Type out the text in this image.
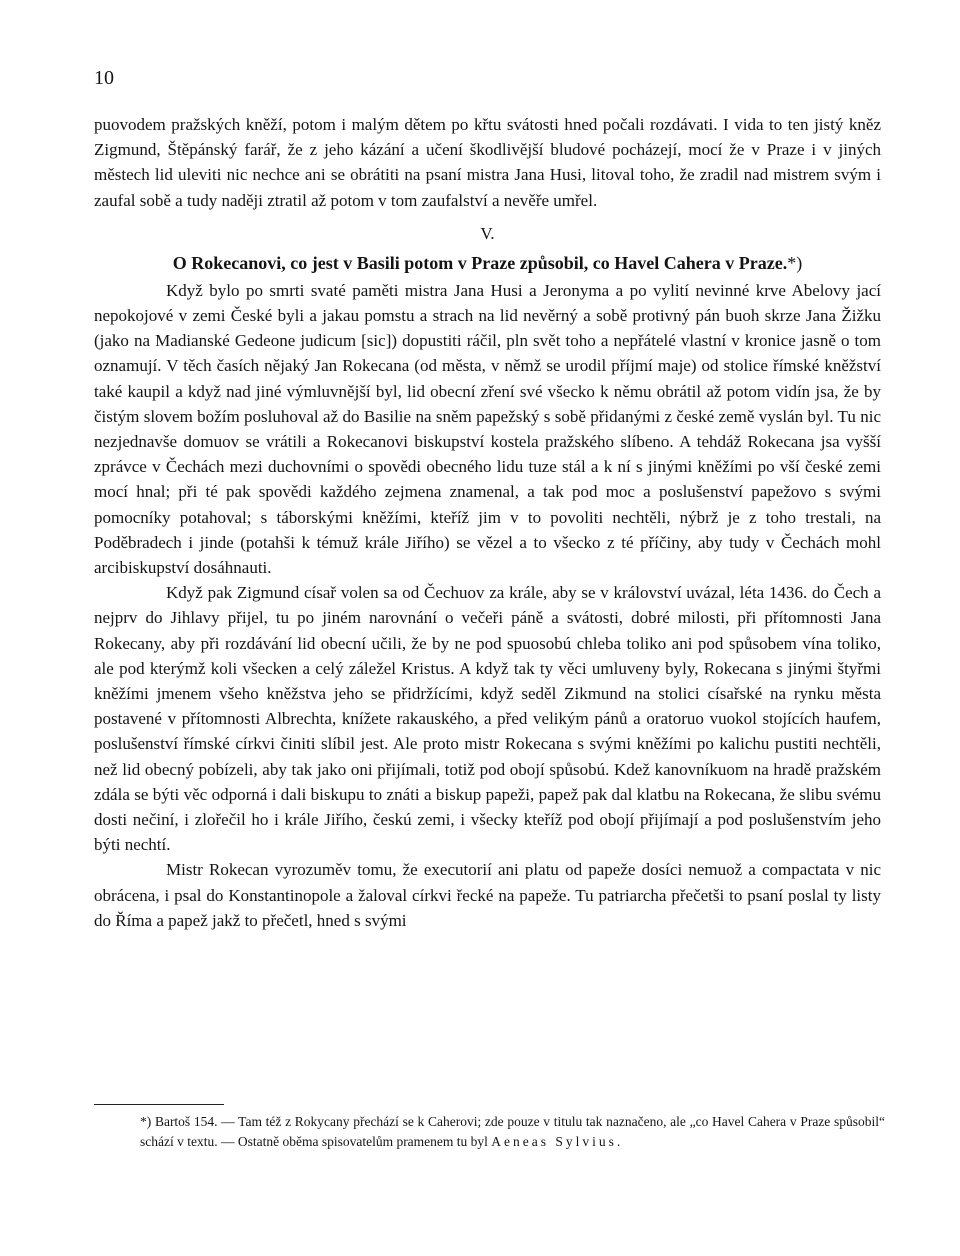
10

puovodem pražských kněží, potom i malým dětem po křtu svátosti hned počali rozdávati. I vida to ten jistý kněz Zigmund, Štěpánský farář, že z jeho kázání a učení škodlivější bludové pocházejí, mocí že v Praze i v jiných městech lid uleviti nic nechce ani se obrátiti na psaní mistra Jana Husi, litoval toho, že zradil nad mistrem svým i zaufal sobě a tudy naději ztratil až potom v tom zaufalství a nevěře umřel.

V.
O Rokecanovi, co jest v Basili potom v Praze způsobil, co Havel Cahera v Praze.*)

Když bylo po smrti svaté paměti mistra Jana Husi a Jeronyma a po vylití nevinné krve Abelovy jací nepokojové v zemi České byli a jakau pomstu a strach na lid nevěrný a sobě protivný pán buoh skrze Jana Žižku (jako na Madianské Gedeone judicum [sic]) dopustiti ráčil, pln svět toho a nepřátelé vlastní v kronice jasně o tom oznamují. V těch časích nějaký Jan Rokecana (od města, v němž se urodil příjmí maje) od stolice římské kněžství také kaupil a když nad jiné výmluvnější byl, lid obecní zření své všecko k němu obrátil až potom vidín jsa, že by čistým slovem božím posluhoval až do Basilie na sněm papežský s sobě přidanými z české země vyslán byl. Tu nic nezjednavše domuov se vrátili a Rokecanovi biskupství kostela pražského slíbeno. A tehdáž Rokecana jsa vyšší zprávce v Čechách mezi duchovními o spovědi obecného lidu tuze stál a k ní s jinými kněžími po vší české zemi mocí hnal; při té pak spovědi každého zejmena znamenal, a tak pod moc a poslušenství papežovo s svými pomocníky potahoval; s táborskými kněžími, kteříž jim v to povoliti nechtěli, nýbrž je z toho trestali, na Poděbradech i jinde (potahši k témuž krále Jiřího) se vězel a to všecko z té příčiny, aby tudy v Čechách mohl arcibiskupství dosáhnauti.

Když pak Zigmund císař volen sa od Čechuov za krále, aby se v království uvázal, léta 1436. do Čech a nejprv do Jihlavy přijel, tu po jiném narovnání o večeři páně a svátosti, dobré milosti, při přítomnosti Jana Rokecany, aby při rozdávání lid obecní učili, že by ne pod spuosobú chleba toliko ani pod spůsobem vína toliko, ale pod kterýmž koli všecken a celý záležel Kristus. A když tak ty věci umluveny byly, Rokecana s jinými štyřmi kněžími jmenem všeho kněžstva jeho se přidržícími, když seděl Zikmund na stolici císařské na rynku města postavené v přítomnosti Albrechta, knížete rakauského, a před velikým pánů a oratoruo vuokol stojících haufem, poslušenství římské církvi činiti slíbil jest. Ale proto mistr Rokecana s svými kněžími po kalichu pustiti nechtěli, než lid obecný pobízeli, aby tak jako oni přijímali, totiž pod obojí spůsobú. Kdež kanovníkuom na hradě pražském zdála se býti věc odporná i dali biskupu to znáti a biskup papeži, papež pak dal klatbu na Rokecana, že slibu svému dosti nečiní, i zlořečil ho i krále Jiřího, českú zemi, i všecky kteříž pod obojí přijímají a pod poslušenstvím jeho býti nechtí.

Mistr Rokecan vyrozuměv tomu, že executorií ani platu od papeže dosíci nemuož a compactata v nic obrácena, i psal do Konstantinopole a žaloval církvi řecké na papeže. Tu patriarcha přečetši to psaní poslal ty listy do Říma a papež jakž to přečetl, hned s svými

*) Bartoš 154. — Tam též z Rokycany přechází se k Caherovi; zde pouze v titulu tak naznačeno, ale „co Havel Cahera v Praze spůsobil“ schází v textu. — Ostatně oběma spisovatelům pramenem tu byl Aeneas Sylvius.
